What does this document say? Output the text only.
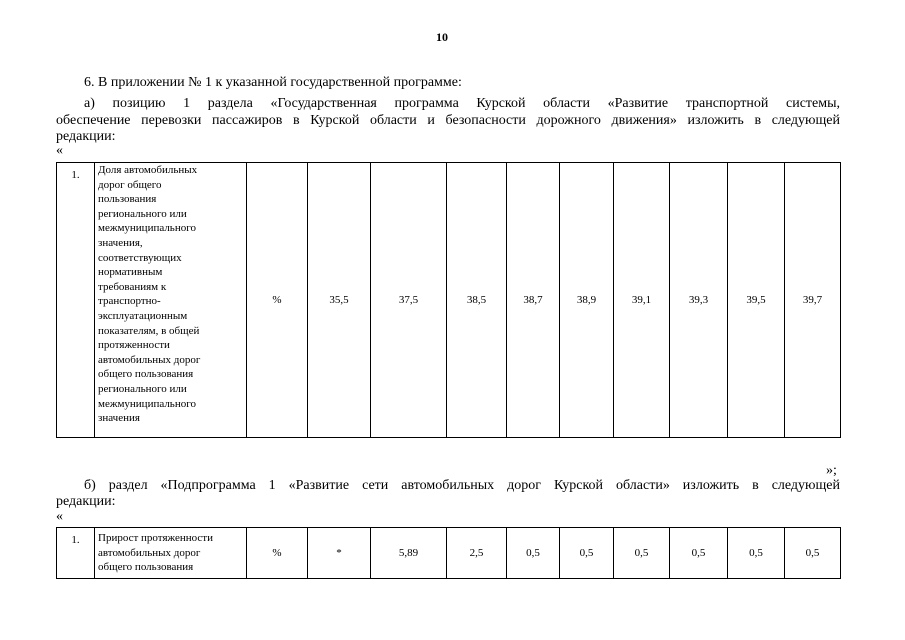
10
6. В приложении № 1 к указанной государственной программе:
а) позицию 1 раздела «Государственная программа Курской области «Развитие транспортной системы,
обеспечение перевозки пассажиров в Курской области и безопасности дорожного движения» изложить в следующей
редакции:
«
1.	Доля автомобильных
дорог общего
пользования
регионального или
межмуниципального
значения,
соответствующих
нормативным
требованиям к
транспортно-
эксплуатационным
показателям, в общей
протяженности
автомобильных дорог
общего пользования
регионального или
межмуниципального
значения
	%	35,5	37,5	38,5	38,7	38,9	39,1	39,3	39,5	39,7
»;
б) раздел «Подпрограмма 1 «Развитие сети автомобильных дорог Курской области» изложить в следующей
редакции:
«
1.	Прирост протяженности
автомобильных дорог
общего пользования
	%	*	5,89	2,5	0,5	0,5	0,5	0,5	0,5	0,5
